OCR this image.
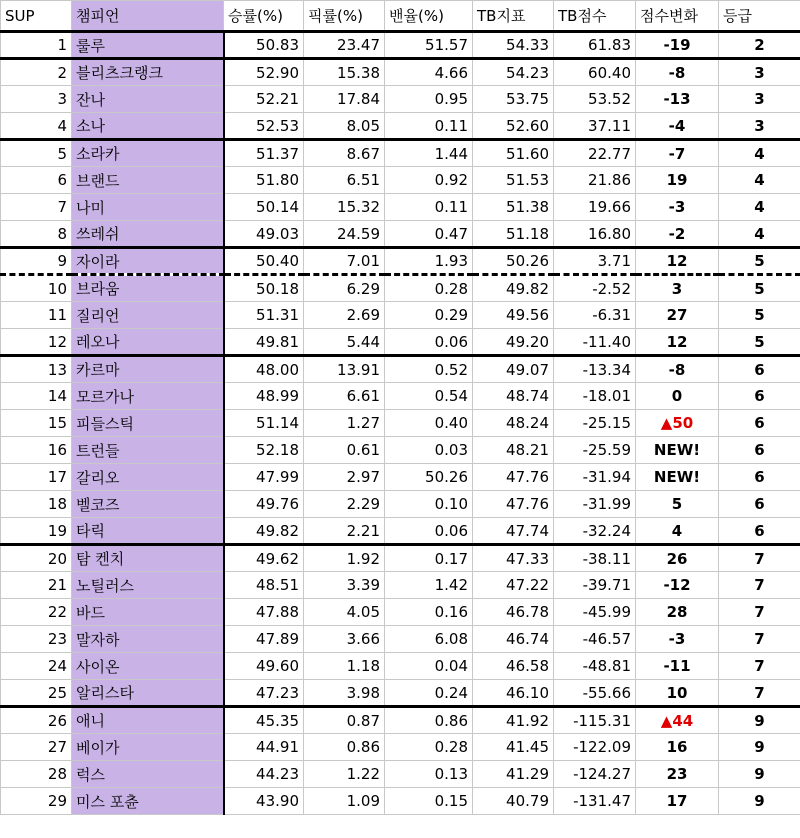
SUP	챔피언	승률(%)	픽률(%)	밴율(%)	TB지표	TB점수	점수변화	등급
1	룰루	50.83	23.47	51.57	54.33	61.83	-19	2
2	블리츠크랭크	52.90	15.38	4.66	54.23	60.40	-8	3
3	잔나	52.21	17.84	0.95	53.75	53.52	-13	3
4	소나	52.53	8.05	0.11	52.60	37.11	-4	3
5	소라카	51.37	8.67	1.44	51.60	22.77	-7	4
6	브랜드	51.80	6.51	0.92	51.53	21.86	19	4
7	나미	50.14	15.32	0.11	51.38	19.66	-3	4
8	쓰레쉬	49.03	24.59	0.47	51.18	16.80	-2	4
9	자이라	50.40	7.01	1.93	50.26	3.71	12	5
10	브라움	50.18	6.29	0.28	49.82	-2.52	3	5
11	질리언	51.31	2.69	0.29	49.56	-6.31	27	5
12	레오나	49.81	5.44	0.06	49.20	-11.40	12	5
13	카르마	48.00	13.91	0.52	49.07	-13.34	-8	6
14	모르가나	48.99	6.61	0.54	48.74	-18.01	0	6
15	피들스틱	51.14	1.27	0.40	48.24	-25.15	▲50	6
16	트런들	52.18	0.61	0.03	48.21	-25.59	NEW!	6
17	갈리오	47.99	2.97	50.26	47.76	-31.94	NEW!	6
18	벨코즈	49.76	2.29	0.10	47.76	-31.99	5	6
19	타릭	49.82	2.21	0.06	47.74	-32.24	4	6
20	탐 켄치	49.62	1.92	0.17	47.33	-38.11	26	7
21	노틸러스	48.51	3.39	1.42	47.22	-39.71	-12	7
22	바드	47.88	4.05	0.16	46.78	-45.99	28	7
23	말자하	47.89	3.66	6.08	46.74	-46.57	-3	7
24	사이온	49.60	1.18	0.04	46.58	-48.81	-11	7
25	알리스타	47.23	3.98	0.24	46.10	-55.66	10	7
26	애니	45.35	0.87	0.86	41.92	-115.31	▲44	9
27	베이가	44.91	0.86	0.28	41.45	-122.09	16	9
28	럭스	44.23	1.22	0.13	41.29	-124.27	23	9
29	미스 포츈	43.90	1.09	0.15	40.79	-131.47	17	9
